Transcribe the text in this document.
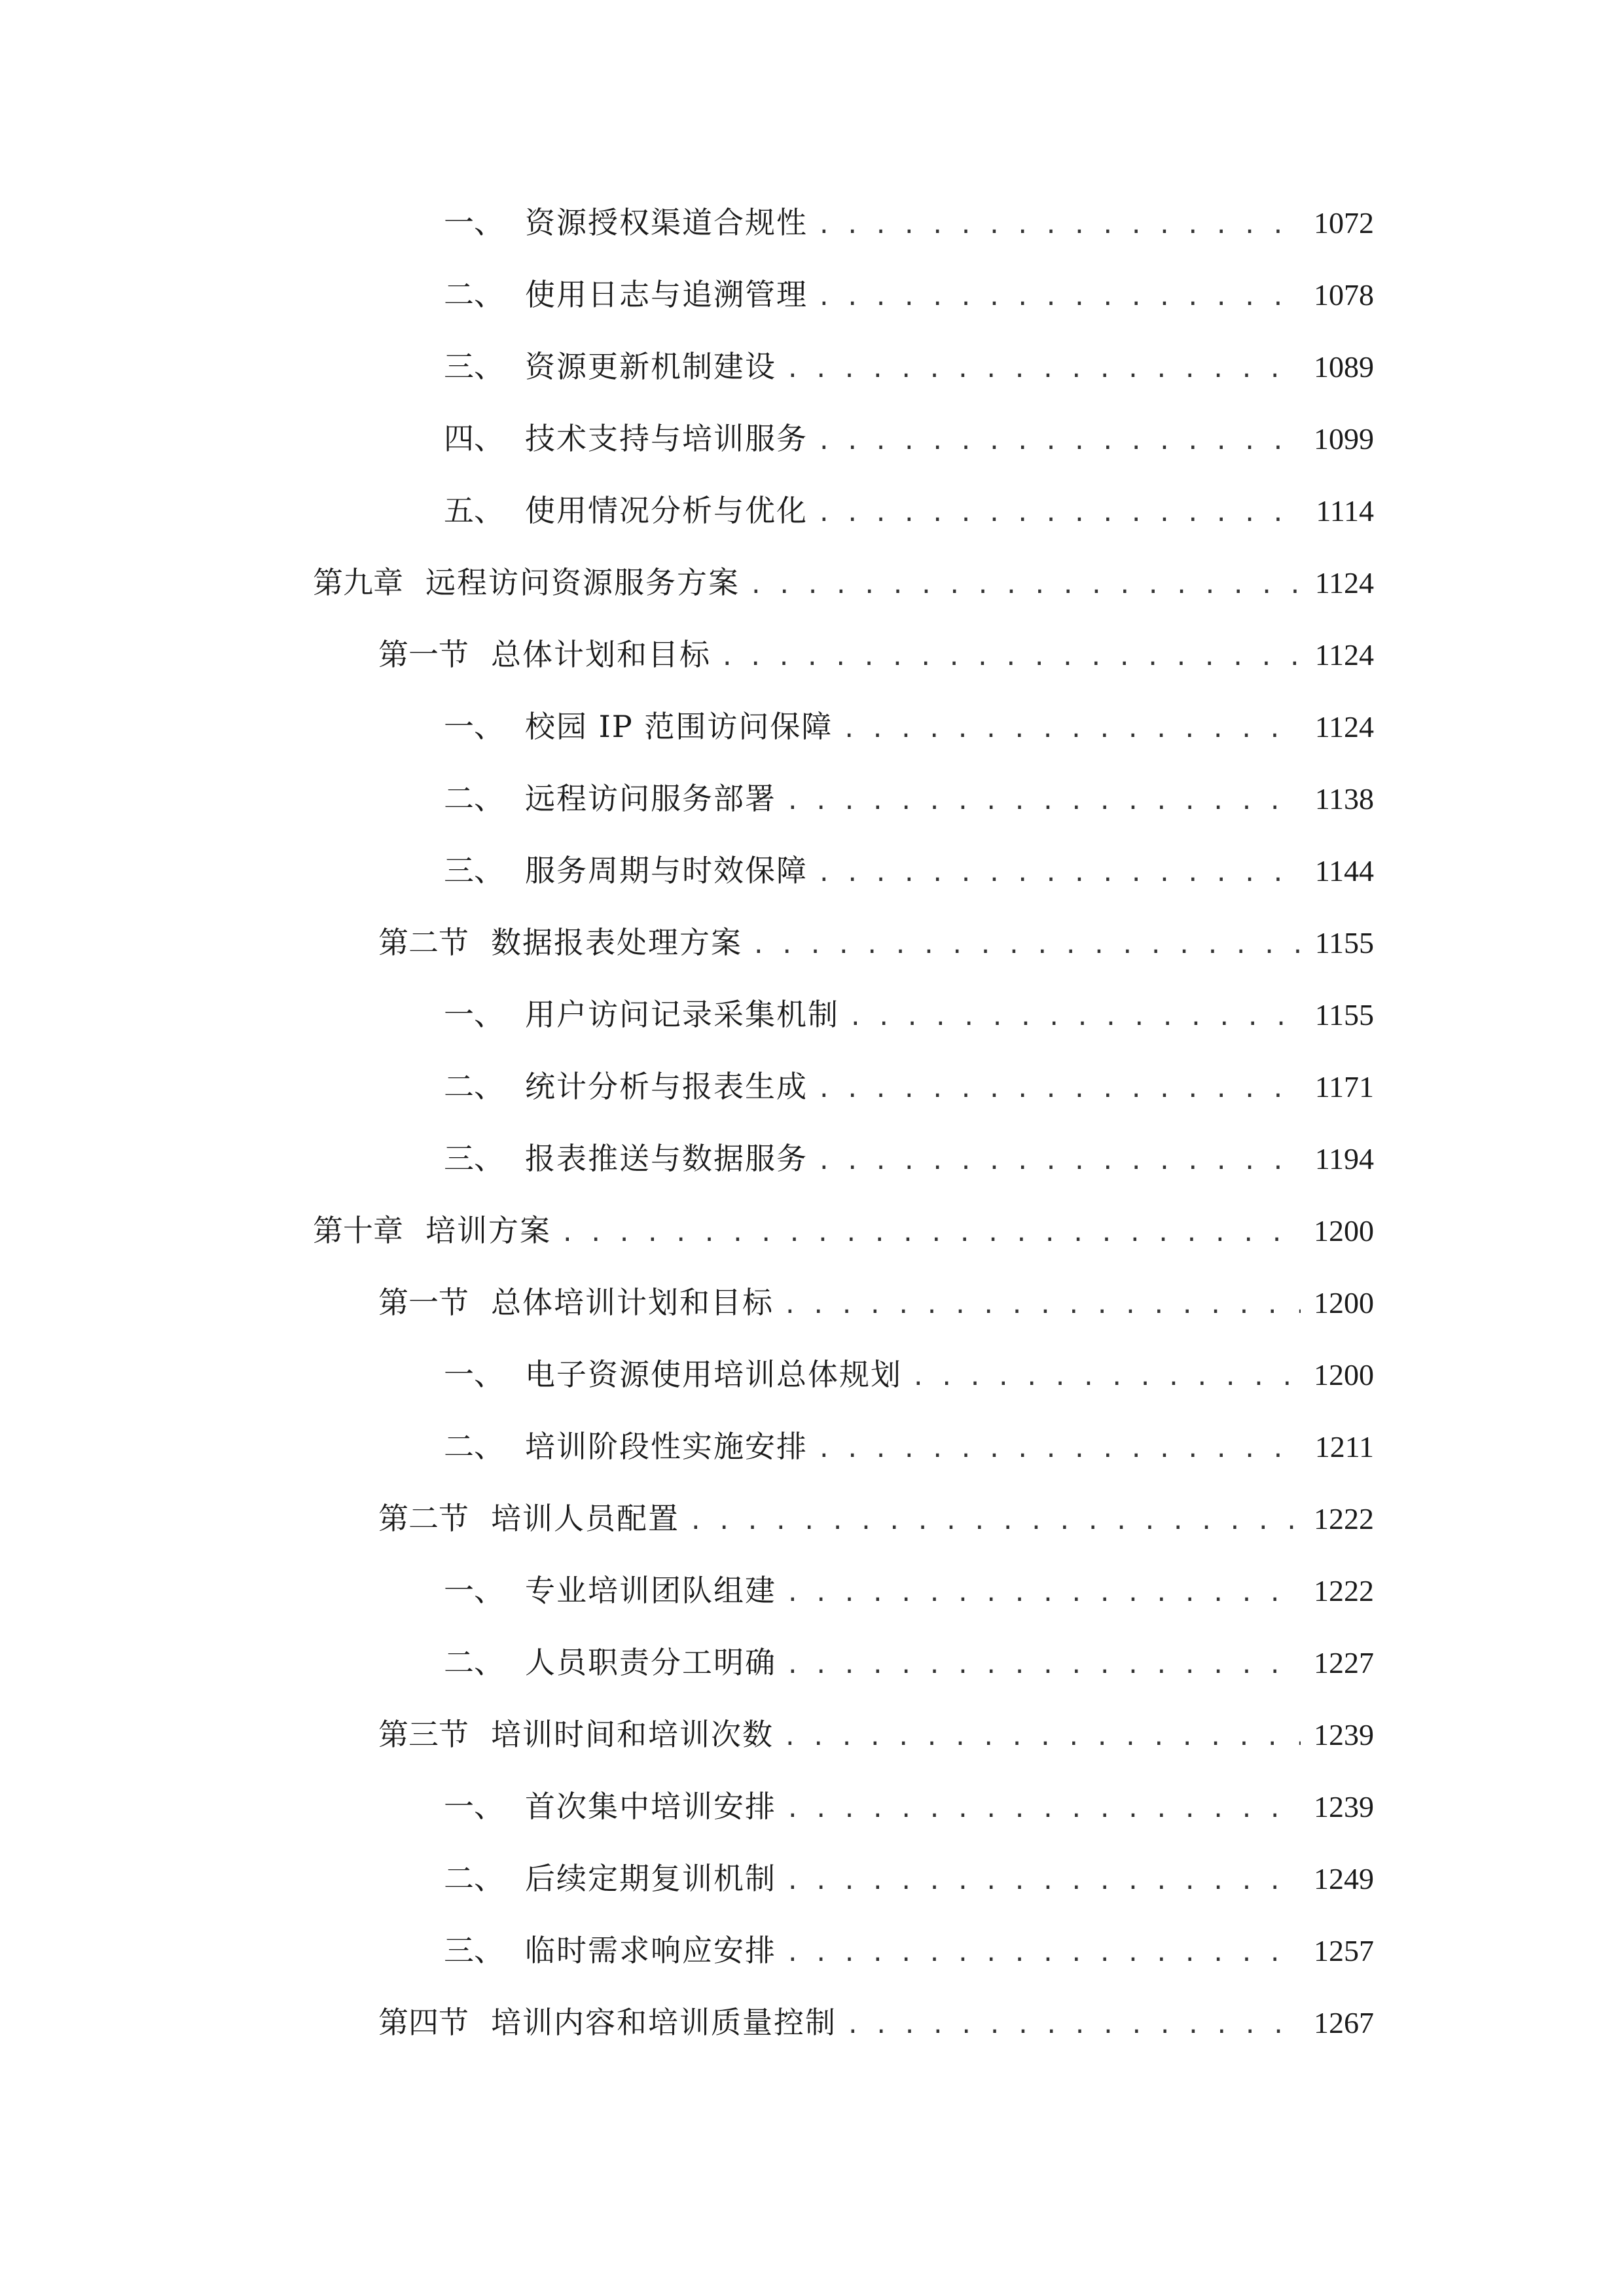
一、 资源授权渠道合规性 . . .	1072
二、 使用日志与追溯管理 . . .	1078
三、 资源更新机制建设 . . .	1089
四、 技术支持与培训服务 . . .	1099
五、 使用情况分析与优化 . . .	1114
第九章 远程访问资源服务方案 . . .	1124
第一节 总体计划和目标 . . .	1124
一、 校园 IP 范围访问保障 . . .	1124
二、 远程访问服务部署 . . .	1138
三、 服务周期与时效保障 . . .	1144
第二节 数据报表处理方案 . . .	1155
一、 用户访问记录采集机制 . . .	1155
二、 统计分析与报表生成 . . .	1171
三、 报表推送与数据服务 . . .	1194
第十章 培训方案 . . .	1200
第一节 总体培训计划和目标 . . .	1200
一、 电子资源使用培训总体规划 . . .	1200
二、 培训阶段性实施安排 . . .	1211
第二节 培训人员配置 . . .	1222
一、 专业培训团队组建 . . .	1222
二、 人员职责分工明确 . . .	1227
第三节 培训时间和培训次数 . . .	1239
一、 首次集中培训安排 . . .	1239
二、 后续定期复训机制 . . .	1249
三、 临时需求响应安排 . . .	1257
第四节 培训内容和培训质量控制 . . .	1267
